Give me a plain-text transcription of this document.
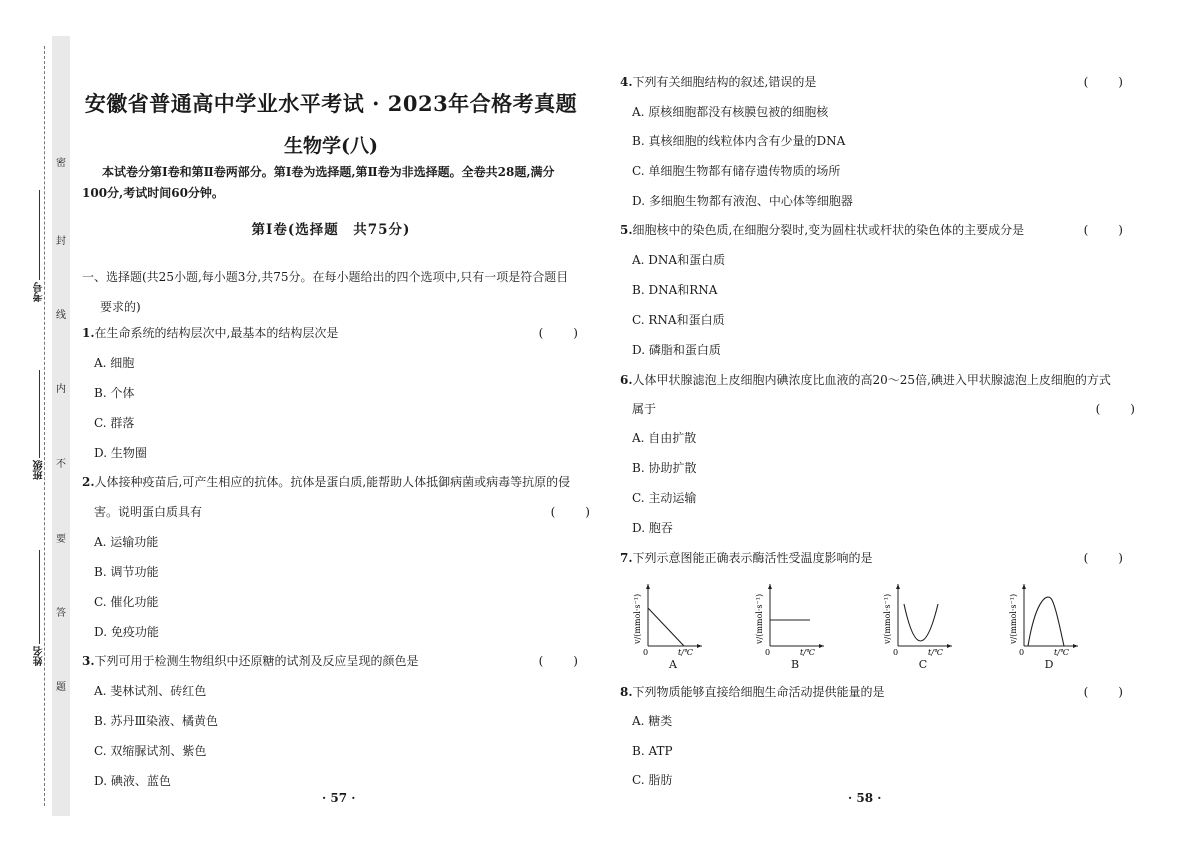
密
封
线
内
不
要
答
题
考号
班级
姓名
安徽省普通高中学业水平考试 · 2023年合格考真题
生物学(八)
本试卷分第Ⅰ卷和第Ⅱ卷两部分。第Ⅰ卷为选择题,第Ⅱ卷为非选择题。全卷共28题,满分
100分,考试时间60分钟。
第Ⅰ卷(选择题　共75分)
一、选择题(共25小题,每小题3分,共75分。在每小题给出的四个选项中,只有一项是符合题目
要求的)
1.在生命系统的结构层次中,最基本的结构层次是	(　　)
A. 细胞
B. 个体
C. 群落
D. 生物圈
2.人体接种疫苗后,可产生相应的抗体。抗体是蛋白质,能帮助人体抵御病菌或病毒等抗原的侵
害。说明蛋白质具有	(　　)
A. 运输功能
B. 调节功能
C. 催化功能
D. 免疫功能
3.下列可用于检测生物组织中还原糖的试剂及反应呈现的颜色是	(　　)
A. 斐林试剂、砖红色
B. 苏丹Ⅲ染液、橘黄色
C. 双缩脲试剂、紫色
D. 碘液、蓝色
· 57 ·
4.下列有关细胞结构的叙述,错误的是	(　　)
A. 原核细胞都没有核膜包被的细胞核
B. 真核细胞的线粒体内含有少量的DNA
C. 单细胞生物都有储存遗传物质的场所
D. 多细胞生物都有液泡、中心体等细胞器
5.细胞核中的染色质,在细胞分裂时,变为圆柱状或杆状的染色体的主要成分是	(　　)
A. DNA和蛋白质
B. DNA和RNA
C. RNA和蛋白质
D. 磷脂和蛋白质
6.人体甲状腺滤泡上皮细胞内碘浓度比血液的高20～25倍,碘进入甲状腺滤泡上皮细胞的方式
属于	(　　)
A. 自由扩散
B. 协助扩散
C. 主动运输
D. 胞吞
7.下列示意图能正确表示酶活性受温度影响的是	(　　)
v/(mmol·s⁻¹)
0	t/℃
A
v/(mmol·s⁻¹)
0	t/℃
B
v/(mmol·s⁻¹)
0	t/℃
C
v/(mmol·s⁻¹)
0	t/℃
D
8.下列物质能够直接给细胞生命活动提供能量的是	(　　)
A. 糖类
B. ATP
C. 脂肪
· 58 ·
